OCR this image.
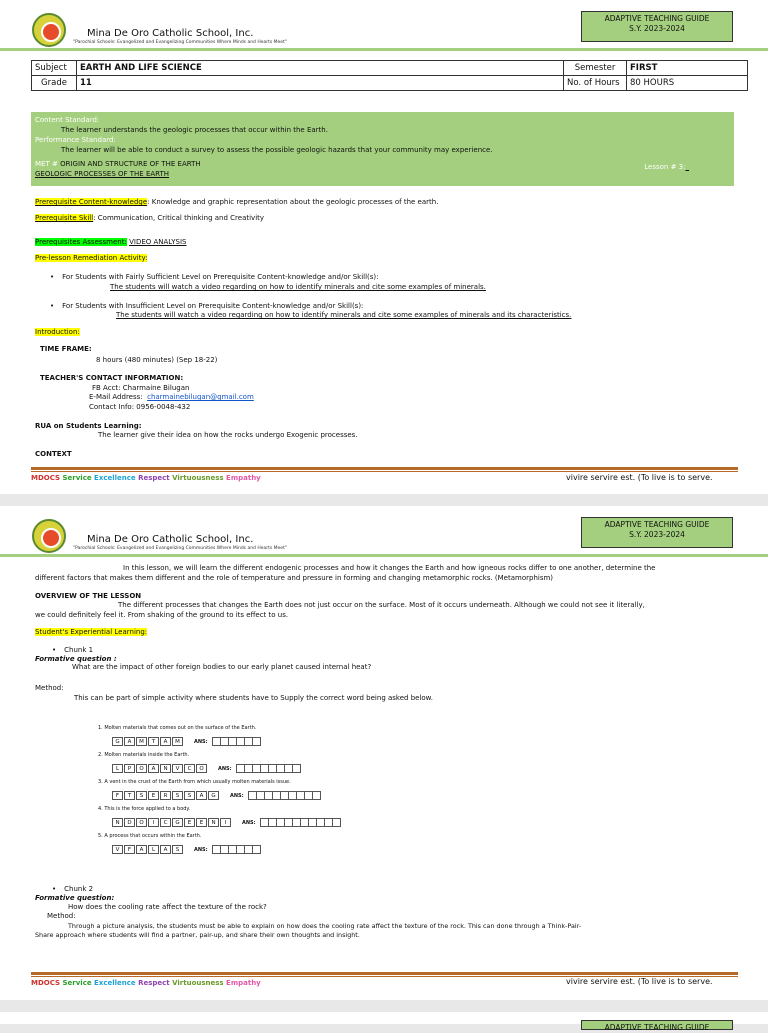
Mina De Oro Catholic School, Inc.
"Parochial Schools: Evangelized and Evangelizing Communities Where Minds and Hearts Meet"
ADAPTIVE TEACHING GUIDE
S.Y. 2023-2024
Subject	EARTH AND LIFE SCIENCE	Semester	FIRST
Grade	11	No. of Hours	80 HOURS
Content Standard:
The learner understands the geologic processes that occur within the Earth.
Performance Standard:
The learner will be able to conduct a survey to assess the possible geologic hazards that your community may experience.
MET # ORIGIN AND STRUCTURE OF THE EARTH
GEOLOGIC PROCESSES OF THE EARTH
Lesson # 3:_
Prerequisite Content-knowledge: Knowledge and graphic representation about the geologic processes of the earth.
Prerequisite Skill: Communication, Critical thinking and Creativity
Prerequisites Assessment: VIDEO ANALYSIS
Pre-lesson Remediation Activity:
• For Students with Fairly Sufficient Level on Prerequisite Content-knowledge and/or Skill(s):
The students will watch a video regarding on how to identify minerals and cite some examples of minerals.
• For Students with Insufficient Level on Prerequisite Content-knowledge and/or Skill(s):
The students will watch a video regarding on how to identify minerals and cite some examples of minerals and its characteristics.
Introduction:
TIME FRAME:
8 hours (480 minutes) (Sep 18-22)
TEACHER'S CONTACT INFORMATION:
FB Acct: Charmaine Bilugan
E-Mail Address: charmainebilugan@gmail.com
Contact Info: 0956-0048-432
RUA on Students Learning:
The learner give their idea on how the rocks undergo Exogenic processes.
CONTEXT
MDOCS Service Excellence Respect Virtuousness Empathy	vivire servire est. (To live is to serve.
Mina De Oro Catholic School, Inc.
"Parochial Schools: Evangelized and Evangelizing Communities Where Minds and Hearts Meet"
ADAPTIVE TEACHING GUIDE
S.Y. 2023-2024
In this lesson, we will learn the different endogenic processes and how it changes the Earth and how igneous rocks differ to one another, determine the
different factors that makes them different and the role of temperature and pressure in forming and changing metamorphic rocks. (Metamorphism)
OVERVIEW OF THE LESSON
The different processes that changes the Earth does not just occur on the surface. Most of it occurs underneath. Although we could not see it literally,
we could definitely feel it. From shaking of the ground to its effect to us.
Student's Experiential Learning:
• Chunk 1
Formative question :
What are the impact of other foreign bodies to our early planet caused internal heat?
Method:
This can be part of simple activity where students have to Supply the correct word being asked below.
• Chunk 2
Formative question:
How does the cooling rate affect the texture of the rock?
Method:
Through a picture analysis, the students must be able to explain on how does the cooling rate affect the texture of the rock. This can done through a Think-Pair-
Share approach where students will find a partner, pair-up, and share their own thoughts and insight.
MDOCS Service Excellence Respect Virtuousness Empathy	vivire servire est. (To live is to serve.
1. Molten materials that comes out on the surface of the Earth.
G	A	M	T	A	M	ANS:
2. Molten materials inside the Earth.
L	P	O	A	N	V	C	O	ANS:
3. A vent in the crust of the Earth from which usually molten materials issue.
F	T	S	E	R	S	S	A	G	ANS:
4. This is the force applied to a body.
N	D	O	I	C	G	E	E	N	I	ANS:
5. A process that occurs within the Earth.
V	F	A	L	A	S	ANS:
ADAPTIVE TEACHING GUIDE
